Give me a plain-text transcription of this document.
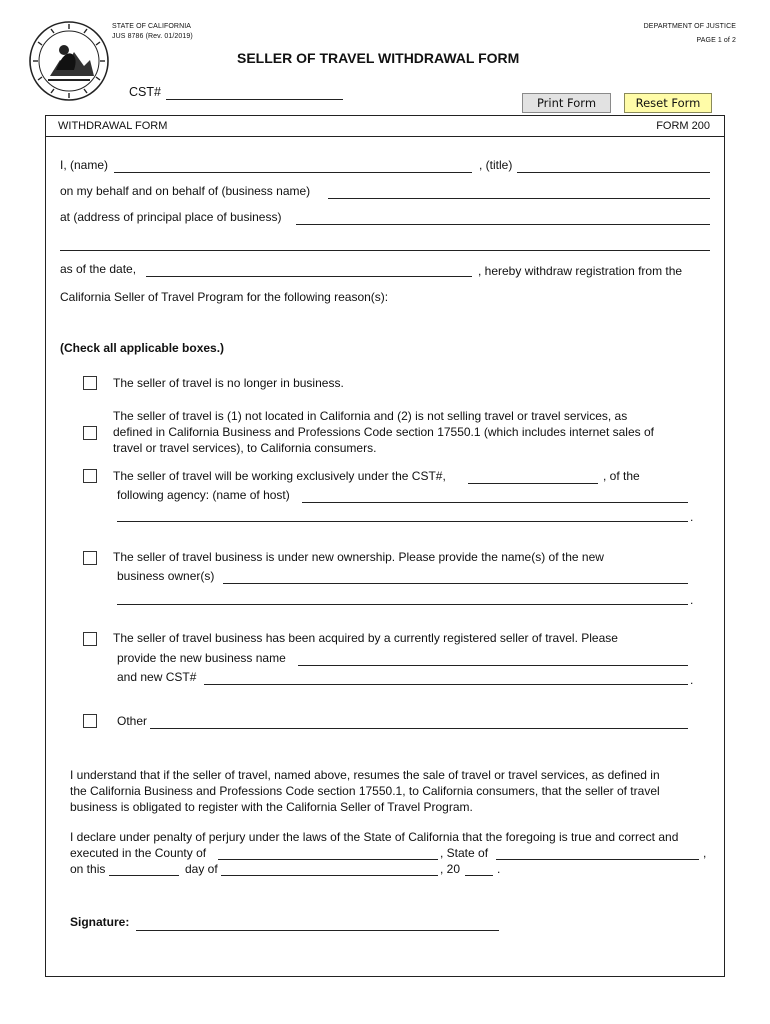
STATE OF CALIFORNIA
JUS 8786 (Rev. 01/2019)
DEPARTMENT OF JUSTICE
PAGE 1 of 2
SELLER OF TRAVEL WITHDRAWAL FORM
CST#
Print Form	Reset Form
WITHDRAWAL FORM	FORM 200
I, (name)	, (title)
on my behalf and on behalf of (business name)
at (address of principal place of business)
as of the date,	, hereby withdraw registration from the
California Seller of Travel Program for the following reason(s):
(Check all applicable boxes.)
The seller of travel is no longer in business.
The seller of travel is (1) not located in California and (2) is not selling travel or travel services, as
defined in California Business and Professions Code section 17550.1 (which includes internet sales of
travel or travel services), to California consumers.
The seller of travel will be working exclusively under the CST#,	, of the
following agency: (name of host)
.
The seller of travel business is under new ownership. Please provide the name(s) of the new
business owner(s)
.
The seller of travel business has been acquired by a currently registered seller of travel. Please
provide the new business name
and new CST#	.
Other
I understand that if the seller of travel, named above, resumes the sale of travel or travel services, as defined in
the California Business and Professions Code section 17550.1, to California consumers, that the seller of travel
business is obligated to register with the California Seller of Travel Program.
I declare under penalty of perjury under the laws of the State of California that the foregoing is true and correct and
executed in the County of	, State of	,
on this	day of	, 20	.
Signature:
